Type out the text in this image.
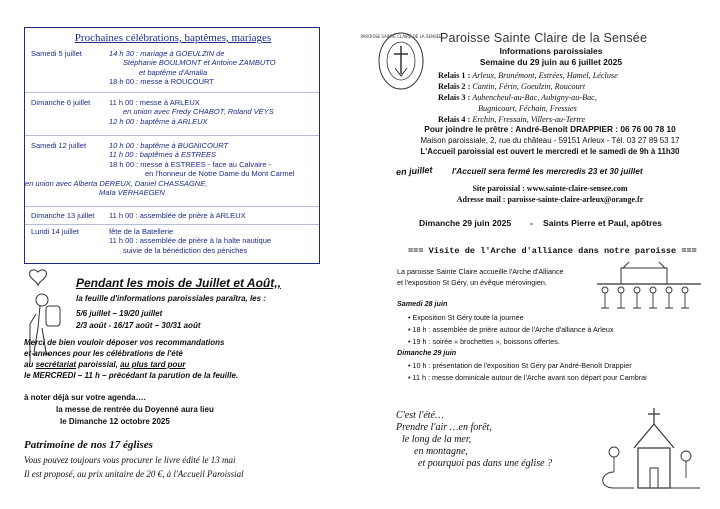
Prochaines célébrations, baptêmes, mariages
Samedi 5 juillet	14 h 30 : mariage à GOEULZIN de
Stéphanie BOULMONT et Antoine ZAMBUTO
et baptême d'Amalia
18 h 00 : messe à ROUCOURT
Dimanche 6 juillet	11 h 00 : messe à ARLEUX
en union avec Fredy CHABOT, Roland VEYS
12 h 00 : baptême à ARLEUX
Samedi 12 juillet	10 h 00 : baptême à BUGNICOURT
11 h 00 : baptêmes à ESTREES
18 h 00 : messe à ESTREES - face au Calvaire -
en l'honneur de Notre Dame du Mont Carmel
en union avec Alberta DEREUX, Daniel CHASSAGNE,
Maïa VERHAEGEN
Dimanche 13 juillet 11 h 00 : assemblée de prière à ARLEUX
Lundi 14 juillet	fête de la Batellerie
11 h 00 : assemblée de prière à la halte nautique
suivie de la bénédiction des péniches
Pendant les mois de Juillet et Août,,
la feuille d'informations paroissiales paraîtra, les :
5/6 juillet – 19/20 juillet
2/3 août - 16/17 août – 30/31 août
Merci de bien vouloir déposer vos recommandations
et annonces pour les célébrations de l'été
au secrétariat paroissial, au plus tard pour
le MERCREDI – 11 h – précédant la parution de la feuille.
à noter déjà sur votre agenda….
la messe de rentrée du Doyenné aura lieu
le Dimanche 12 octobre 2025
Patrimoine de nos 17 églises
Vous pouvez toujours vous procurer le livre édité le 13 mai
Il est proposé, au prix unitaire de 20 €, à l'Accueil Paroissial
PAROISSE SAINTE CLAIRE DE LA SENSÉE
Paroisse Sainte Claire de la Sensée
Informations paroissiales
Semaine du 29 juin au 6 juillet 2025
Relais 1 : Arleux, Brunémont, Estrées, Hamel, Lécluse
Relais 2 : Cantin, Férin, Goeulzin, Roucourt
Relais 3 : Aubencheul-au-Bac, Aubigny-au-Bac,
Bugnicourt, Féchain, Fressies
Relais 4 : Erchin, Fressain, Villers-au-Tertre
Pour joindre le prêtre : André-Benoît DRAPPIER : 06 76 00 78 10
Maison paroissiale, 2, rue du château - 59151 Arleux - Tél. 03 27 89 53 17
L'Accueil paroissial est ouvert le mercredi et le samedi de 9h à 11h30
en juillet l'Accueil sera fermé les mercredis 23 et 30 juillet
Site paroissial : www.sainte-claire-sensee.com
Adresse mail : paroisse-sainte-claire-arleux@orange.fr
Dimanche 29 juin 2025 - Saints Pierre et Paul, apôtres
=== Visite de l'Arche d'alliance dans notre paroisse ===
La paroisse Sainte Claire accueille l'Arche d'Alliance
et l'exposition St Géry, un évêque mérovingien.
Samedi 28 juin
• Exposition St Géry toute la journée
• 18 h : assemblée de prière autour de l'Arche d'alliance à Arleux
• 19 h : soirée « brochettes », boissons offertes.
Dimanche 29 juin
• 10 h : présentation de l'exposition St Géry par André-Benoît Drappier
• 11 h : messe dominicale autour de l'Arche avant son départ pour Cambrai
C'est l'été…
Prendre l'air …en forêt,
le long de la mer,
en montagne,
et pourquoi pas dans une église ?
